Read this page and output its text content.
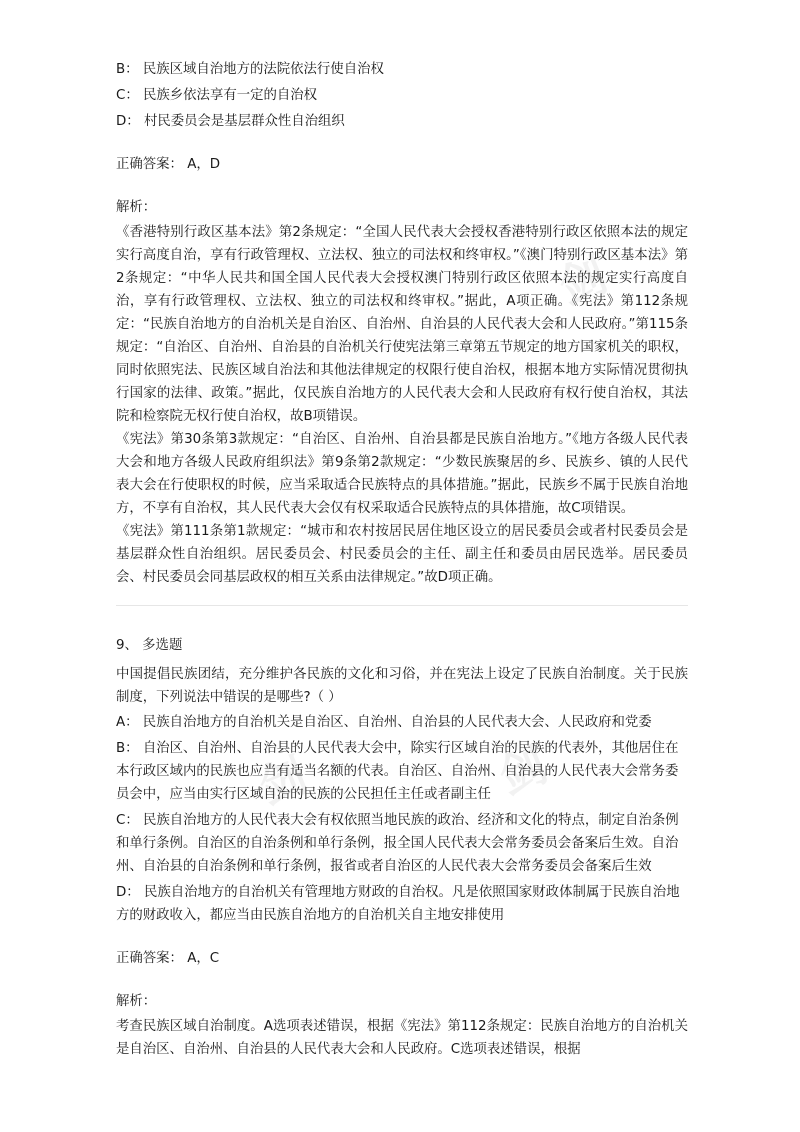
剑
剑	剑

B： 民族区域自治地方的法院依法行使自治权

C： 民族乡依法享有一定的自治权

D： 村民委员会是基层群众性自治组织

正确答案： A，D
解析：

《香港特别行政区基本法》第2条规定：“全国人民代表大会授权香港特别行政区依照本法的规定实行高度自治，享有行政管理权、立法权、独立的司法权和终审权。”《澳门特别行政区基本法》第2条规定：“中华人民共和国全国人民代表大会授权澳门特别行政区依照本法的规定实行高度自治，享有行政管理权、立法权、独立的司法权和终审权。”据此，A项正确。《宪法》第112条规定：“民族自治地方的自治机关是自治区、自治州、自治县的人民代表大会和人民政府。”第115条规定：“自治区、自治州、自治县的自治机关行使宪法第三章第五节规定的地方国家机关的职权，同时依照宪法、民族区域自治法和其他法律规定的权限行使自治权，根据本地方实际情况贯彻执行国家的法律、政策。”据此，仅民族自治地方的人民代表大会和人民政府有权行使自治权，其法院和检察院无权行使自治权，故B项错误。

《宪法》第30条第3款规定：“自治区、自治州、自治县都是民族自治地方。”《地方各级人民代表大会和地方各级人民政府组织法》第9条第2款规定：“少数民族聚居的乡、民族乡、镇的人民代表大会在行使职权的时候，应当采取适合民族特点的具体措施。”据此，民族乡不属于民族自治地方，不享有自治权，其人民代表大会仅有权采取适合民族特点的具体措施，故C项错误。

《宪法》第111条第1款规定：“城市和农村按居民居住地区设立的居民委员会或者村民委员会是基层群众性自治组织。居民委员会、村民委员会的主任、副主任和委员由居民选举。居民委员会、村民委员会同基层政权的相互关系由法律规定。”故D项正确。

9、 多选题

中国提倡民族团结，充分维护各民族的文化和习俗，并在宪法上设定了民族自治制度。关于民族制度，下列说法中错误的是哪些?（ ）

A： 民族自治地方的自治机关是自治区、自治州、自治县的人民代表大会、人民政府和党委

B： 自治区、自治州、自治县的人民代表大会中，除实行区域自治的民族的代表外，其他居住在本行政区域内的民族也应当有适当名额的代表。自治区、自治州、自治县的人民代表大会常务委员会中，应当由实行区域自治的民族的公民担任主任或者副主任

C： 民族自治地方的人民代表大会有权依照当地民族的政治、经济和文化的特点，制定自治条例和单行条例。自治区的自治条例和单行条例，报全国人民代表大会常务委员会备案后生效。自治州、自治县的自治条例和单行条例，报省或者自治区的人民代表大会常务委员会备案后生效

D： 民族自治地方的自治机关有管理地方财政的自治权。凡是依照国家财政体制属于民族自治地方的财政收入，都应当由民族自治地方的自治机关自主地安排使用

正确答案： A，C
解析：

考查民族区域自治制度。A选项表述错误，根据《宪法》第112条规定：民族自治地方的自治机关是自治区、自治州、自治县的人民代表大会和人民政府。C选项表述错误，根据
